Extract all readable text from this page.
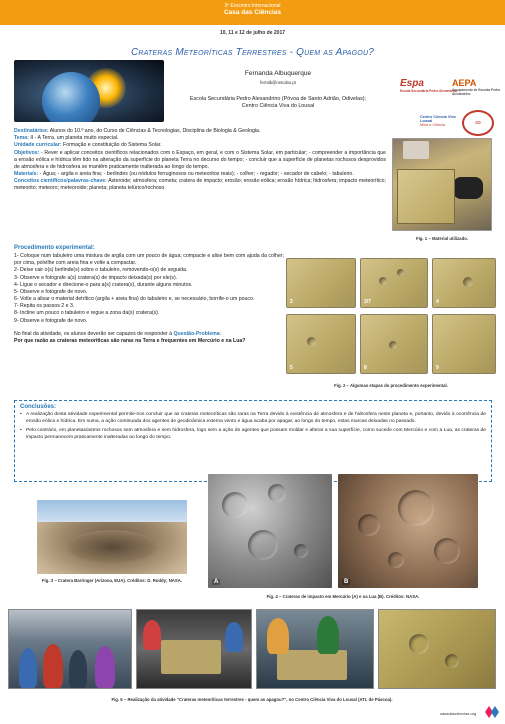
3º Encontro Internacional
Casa das Ciências
10, 11 e 12 de julho de 2017
Crateras Meteoríticas Terrestres - Quem as Apagou?
Fernanda Albuquerque
ferralb@netcabo.pt
Escola Secundária Pedro Alexandrino (Póvoa de Santo Adrião, Odivelas);
Centro Ciência Viva do Lousal
Espa
Escola Secundária Pedro Alexandrino
AEPA
Agrupamento de Escolas Pedro Alexandrino
Centro Ciência Viva Lousal
Mina e Ciência	∞
Destinatários: Alunos do 10.º ano, do Curso de Ciências & Tecnologias, Disciplina de Biologia & Geologia.
Tema: II - A Terra, um planeta muito especial.
Unidade curricular: Formação e constituição do Sistema Solar.
Objetivos: - Rever e aplicar conceitos científicos relacionados com o Espaço, em geral, e com o Sistema Solar, em particular; - compreender a importância que a erosão eólica e hídrica têm tido na alteração da superfície do planeta Terra no decurso do tempo; - concluir que a superfície de planetas rochosos desprovidos de atmosfera e de hidrosfera se mantêm praticamente inalterada ao longo do tempo.
Materiais: - Água; - argila e areia fina; - berlindes (ou nódulos ferruginosos ou meteoritos reais); - colher; - regador; - secador de cabelo; - tabuleiro.
Conceitos científicos/palavras-chave: Asteroide; atmosfera; cometa; cratera de impacto; erosão; erosão eólica; erosão hídrica; hidrosfera; impacto meteorítico; meteorito; meteoro; meteoroide; planeta; planeta telúrico/rochoso.
Fig. 1 – Material utilizado.
Procedimento experimental:
1- Coloque num tabuleiro uma mistura de argila com um pouco de água; compacte e alise bem com ajuda da colher; por cima, polvilhe com areia fina e volte a compactar.
2- Deixe cair o(s) berlinde(s) sobre o tabuleiro, removendo-o(s) de seguida.
3- Observe e fotografe a(s) cratera(s) de impacto deixada(s) por ele(s).
4- Ligue o secador e direcione-o para a(s) cratera(s), durante alguns minutos.
5- Observe e fotografe de novo.
6- Volte a alisar o material detrítico (argila + areia fina) do tabuleiro e, se necessário, borrife-o um pouco.
7- Repita os passos 2 e 3.
8- Incline um pouco o tabuleiro e regue a zona da(s) cratera(s).
9- Observe e fotografe de novo.
No final da atividade, os alunos deverão ser capazes de responder à Questão-Problema:
Por que razão as crateras meteoríticas são raras na Terra e frequentes em Mercúrio e na Lua?
2	3/7	4
5	8	9
Fig. 2 – Algumas etapas do procedimento experimental.
Conclusões:
• A realização desta atividade experimental permite-nos concluir que as crateras meteoríticas são raras na Terra devido à existência de atmosfera e de hidrosfera neste planeta e, portanto, devido à ocorrência de erosão eólica e hídrica. Em suma, a ação continuada dos agentes de geodinâmica externa vento e água acaba por apagar, ao longo do tempo, estas marcas deixadas no passado.
• Pelo contrário, em planetas/astros rochosos sem atmosfera e sem hidrosfera, logo sem a ação de agentes que possam moldar e alterar a sua superfície, como sucede com Mercúrio e com a Lua, as crateras de impacto permanecem praticamente inalteradas ao longo do tempo.
Fig. 3 – Cratera Barringer (Arizona, EUA). Créditos: D. Roddy; NASA.	A	B
Fig. 4 – Crateras de impacto em Mercúrio (A) e na Lua (B). Créditos: NASA.
Fig. 5 – Realização da atividade "Crateras meteoríticas terrestres - quem as apagou?", no Centro Ciência Viva do Lousal (ATL de Páscoa).
casadasciencias.org
